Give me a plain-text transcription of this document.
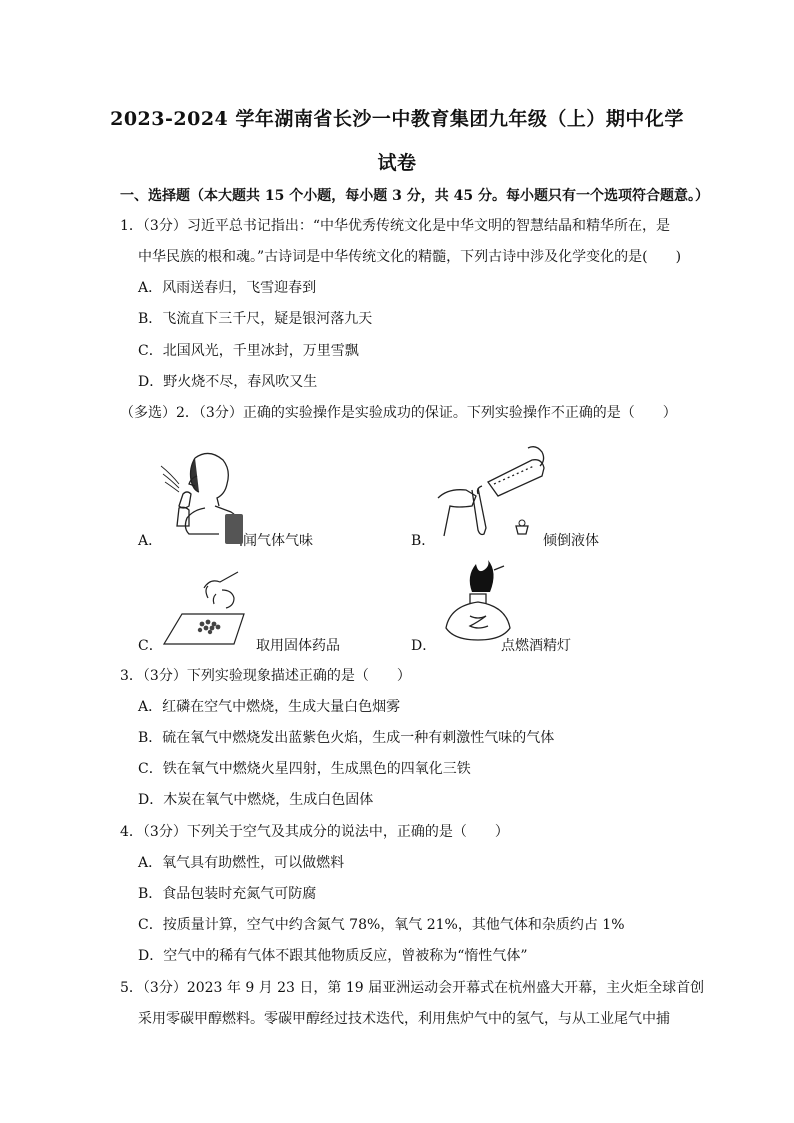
2023-2024 学年湖南省长沙一中教育集团九年级（上）期中化学
试卷
一、选择题（本大题共 15 个小题，每小题 3 分，共 45 分。每小题只有一个选项符合题意。）
1．（3分）习近平总书记指出：“中华优秀传统文化是中华文明的智慧结晶和精华所在，是
中华民族的根和魂。”古诗词是中华传统文化的精髓，下列古诗中涉及化学变化的是(　　)
A．风雨送春归，飞雪迎春到
B．飞流直下三千尺，疑是银河落九天
C．北国风光，千里冰封，万里雪飘
D．野火烧不尽，春风吹又生
（多选）2．（3分）正确的实验操作是实验成功的保证。下列实验操作不正确的是（　　）
A．	闻气体气味	B．	倾倒液体
C．	取用固体药品	D．	点燃酒精灯
3．（3分）下列实验现象描述正确的是（　　）
A．红磷在空气中燃烧，生成大量白色烟雾
B．硫在氧气中燃烧发出蓝紫色火焰，生成一种有刺激性气味的气体
C．铁在氧气中燃烧火星四射，生成黑色的四氧化三铁
D．木炭在氧气中燃烧，生成白色固体
4．（3分）下列关于空气及其成分的说法中，正确的是（　　）
A．氧气具有助燃性，可以做燃料
B．食品包装时充氮气可防腐
C．按质量计算，空气中约含氮气 78%，氧气 21%，其他气体和杂质约占 1%
D．空气中的稀有气体不跟其他物质反应，曾被称为“惰性气体”
5．（3分）2023 年 9 月 23 日，第 19 届亚洲运动会开幕式在杭州盛大开幕，主火炬全球首创
采用零碳甲醇燃料。零碳甲醇经过技术迭代，利用焦炉气中的氢气，与从工业尾气中捕
